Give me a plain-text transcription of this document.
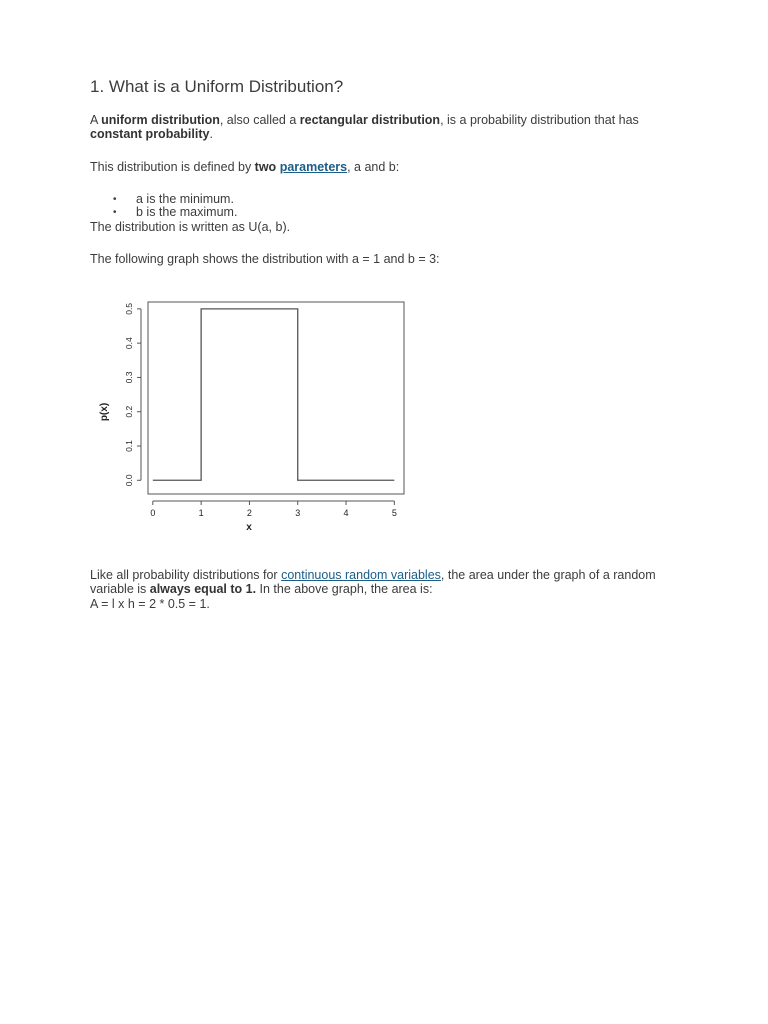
1. What is a Uniform Distribution?

A uniform distribution, also called a rectangular distribution, is a probability distribution that has constant probability.

This distribution is defined by two parameters, a and b:

• a is the minimum.
• b is the maximum.

The distribution is written as U(a, b).

The following graph shows the distribution with a = 1 and b = 3:

Like all probability distributions for continuous random variables, the area under the graph of a random variable is always equal to 1. In the above graph, the area is:

A = l x h = 2 * 0.5 = 1.

0	1	2	3	4	5
0.0
0.1
0.2
0.3
0.4
0.5
x
p(x)
